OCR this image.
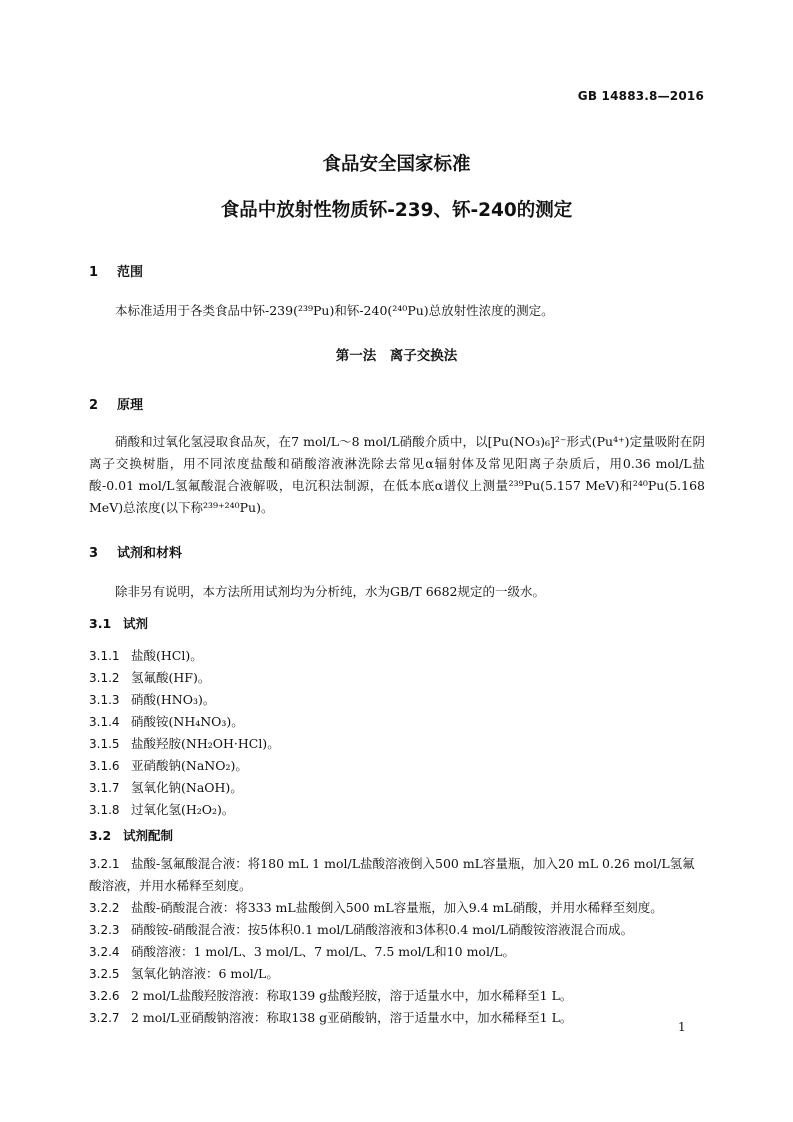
GB 14883.8—2016
食品安全国家标准
食品中放射性物质钚-239、钚-240的测定
1 范围
本标准适用于各类食品中钚-239(²³⁹Pu)和钚-240(²⁴⁰Pu)总放射性浓度的测定。
第一法　离子交换法
2 原理
硝酸和过氧化氢浸取食品灰，在7 mol/L～8 mol/L硝酸介质中，以[Pu(NO₃)₆]²⁻形式(Pu⁴⁺)定量吸附在阴离子交换树脂，用不同浓度盐酸和硝酸溶液淋洗除去常见α辐射体及常见阳离子杂质后，用0.36 mol/L盐酸-0.01 mol/L氢氟酸混合液解吸，电沉积法制源，在低本底α谱仪上测量²³⁹Pu(5.157 MeV)和²⁴⁰Pu(5.168 MeV)总浓度(以下称²³⁹⁺²⁴⁰Pu)。
3 试剂和材料
除非另有说明，本方法所用试剂均为分析纯，水为GB/T 6682规定的一级水。
3.1 试剂
3.1.1 盐酸(HCl)。
3.1.2 氢氟酸(HF)。
3.1.3 硝酸(HNO₃)。
3.1.4 硝酸铵(NH₄NO₃)。
3.1.5 盐酸羟胺(NH₂OH·HCl)。
3.1.6 亚硝酸钠(NaNO₂)。
3.1.7 氢氧化钠(NaOH)。
3.1.8 过氧化氢(H₂O₂)。
3.2 试剂配制
3.2.1 盐酸-氢氟酸混合液：将180 mL 1 mol/L盐酸溶液倒入500 mL容量瓶，加入20 mL 0.26 mol/L氢氟酸溶液，并用水稀释至刻度。
3.2.2 盐酸-硝酸混合液：将333 mL盐酸倒入500 mL容量瓶，加入9.4 mL硝酸，并用水稀释至刻度。
3.2.3 硝酸铵-硝酸混合液：按5体积0.1 mol/L硝酸溶液和3体积0.4 mol/L硝酸铵溶液混合而成。
3.2.4 硝酸溶液：1 mol/L、3 mol/L、7 mol/L、7.5 mol/L和10 mol/L。
3.2.5 氢氧化钠溶液：6 mol/L。
3.2.6 2 mol/L盐酸羟胺溶液：称取139 g盐酸羟胺，溶于适量水中，加水稀释至1 L。
3.2.7 2 mol/L亚硝酸钠溶液：称取138 g亚硝酸钠，溶于适量水中，加水稀释至1 L。
1
